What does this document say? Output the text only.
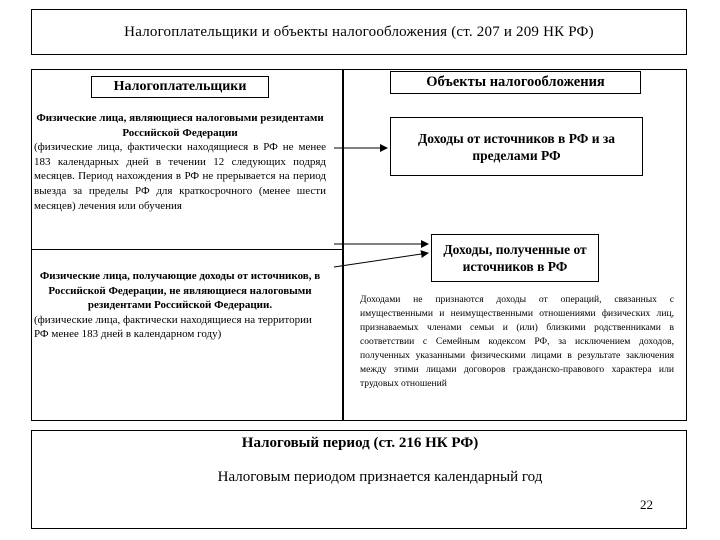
Налогоплательщики и объекты налогообложения (ст. 207 и 209 НК РФ)
Налогоплательщики	Объекты налогообложения
Физические лица, являющиеся налоговыми резидентами Российской Федерации
(физические лица, фактически находящиеся в РФ не менее 183 календарных дней в течении 12 следующих подряд месяцев. Период нахождения в РФ не прерывается на период выезда за пределы РФ для краткосрочного (менее шести месяцев) лечения или обучения
Физические лица, получающие доходы от источников, в Российской Федерации, не являющиеся налоговыми резидентами Российской Федерации.
(физические лица, фактически находящиеся на территории РФ менее 183 дней в календарном году)
Доходы от источников в РФ и за пределами РФ
Доходы, полученные от источников в РФ
Доходами не признаются доходы от операций, связанных с имущественными и неимущественными отношениями физических лиц, признаваемых членами семьи и (или) близкими родственниками в соответствии с Семейным кодексом РФ, за исключением доходов, полученных указанными физическими лицами в результате заключения между этими лицами договоров гражданско-правового характера или трудовых отношений
Налоговый период (ст. 216 НК РФ)
Налоговым периодом признается календарный год
22
